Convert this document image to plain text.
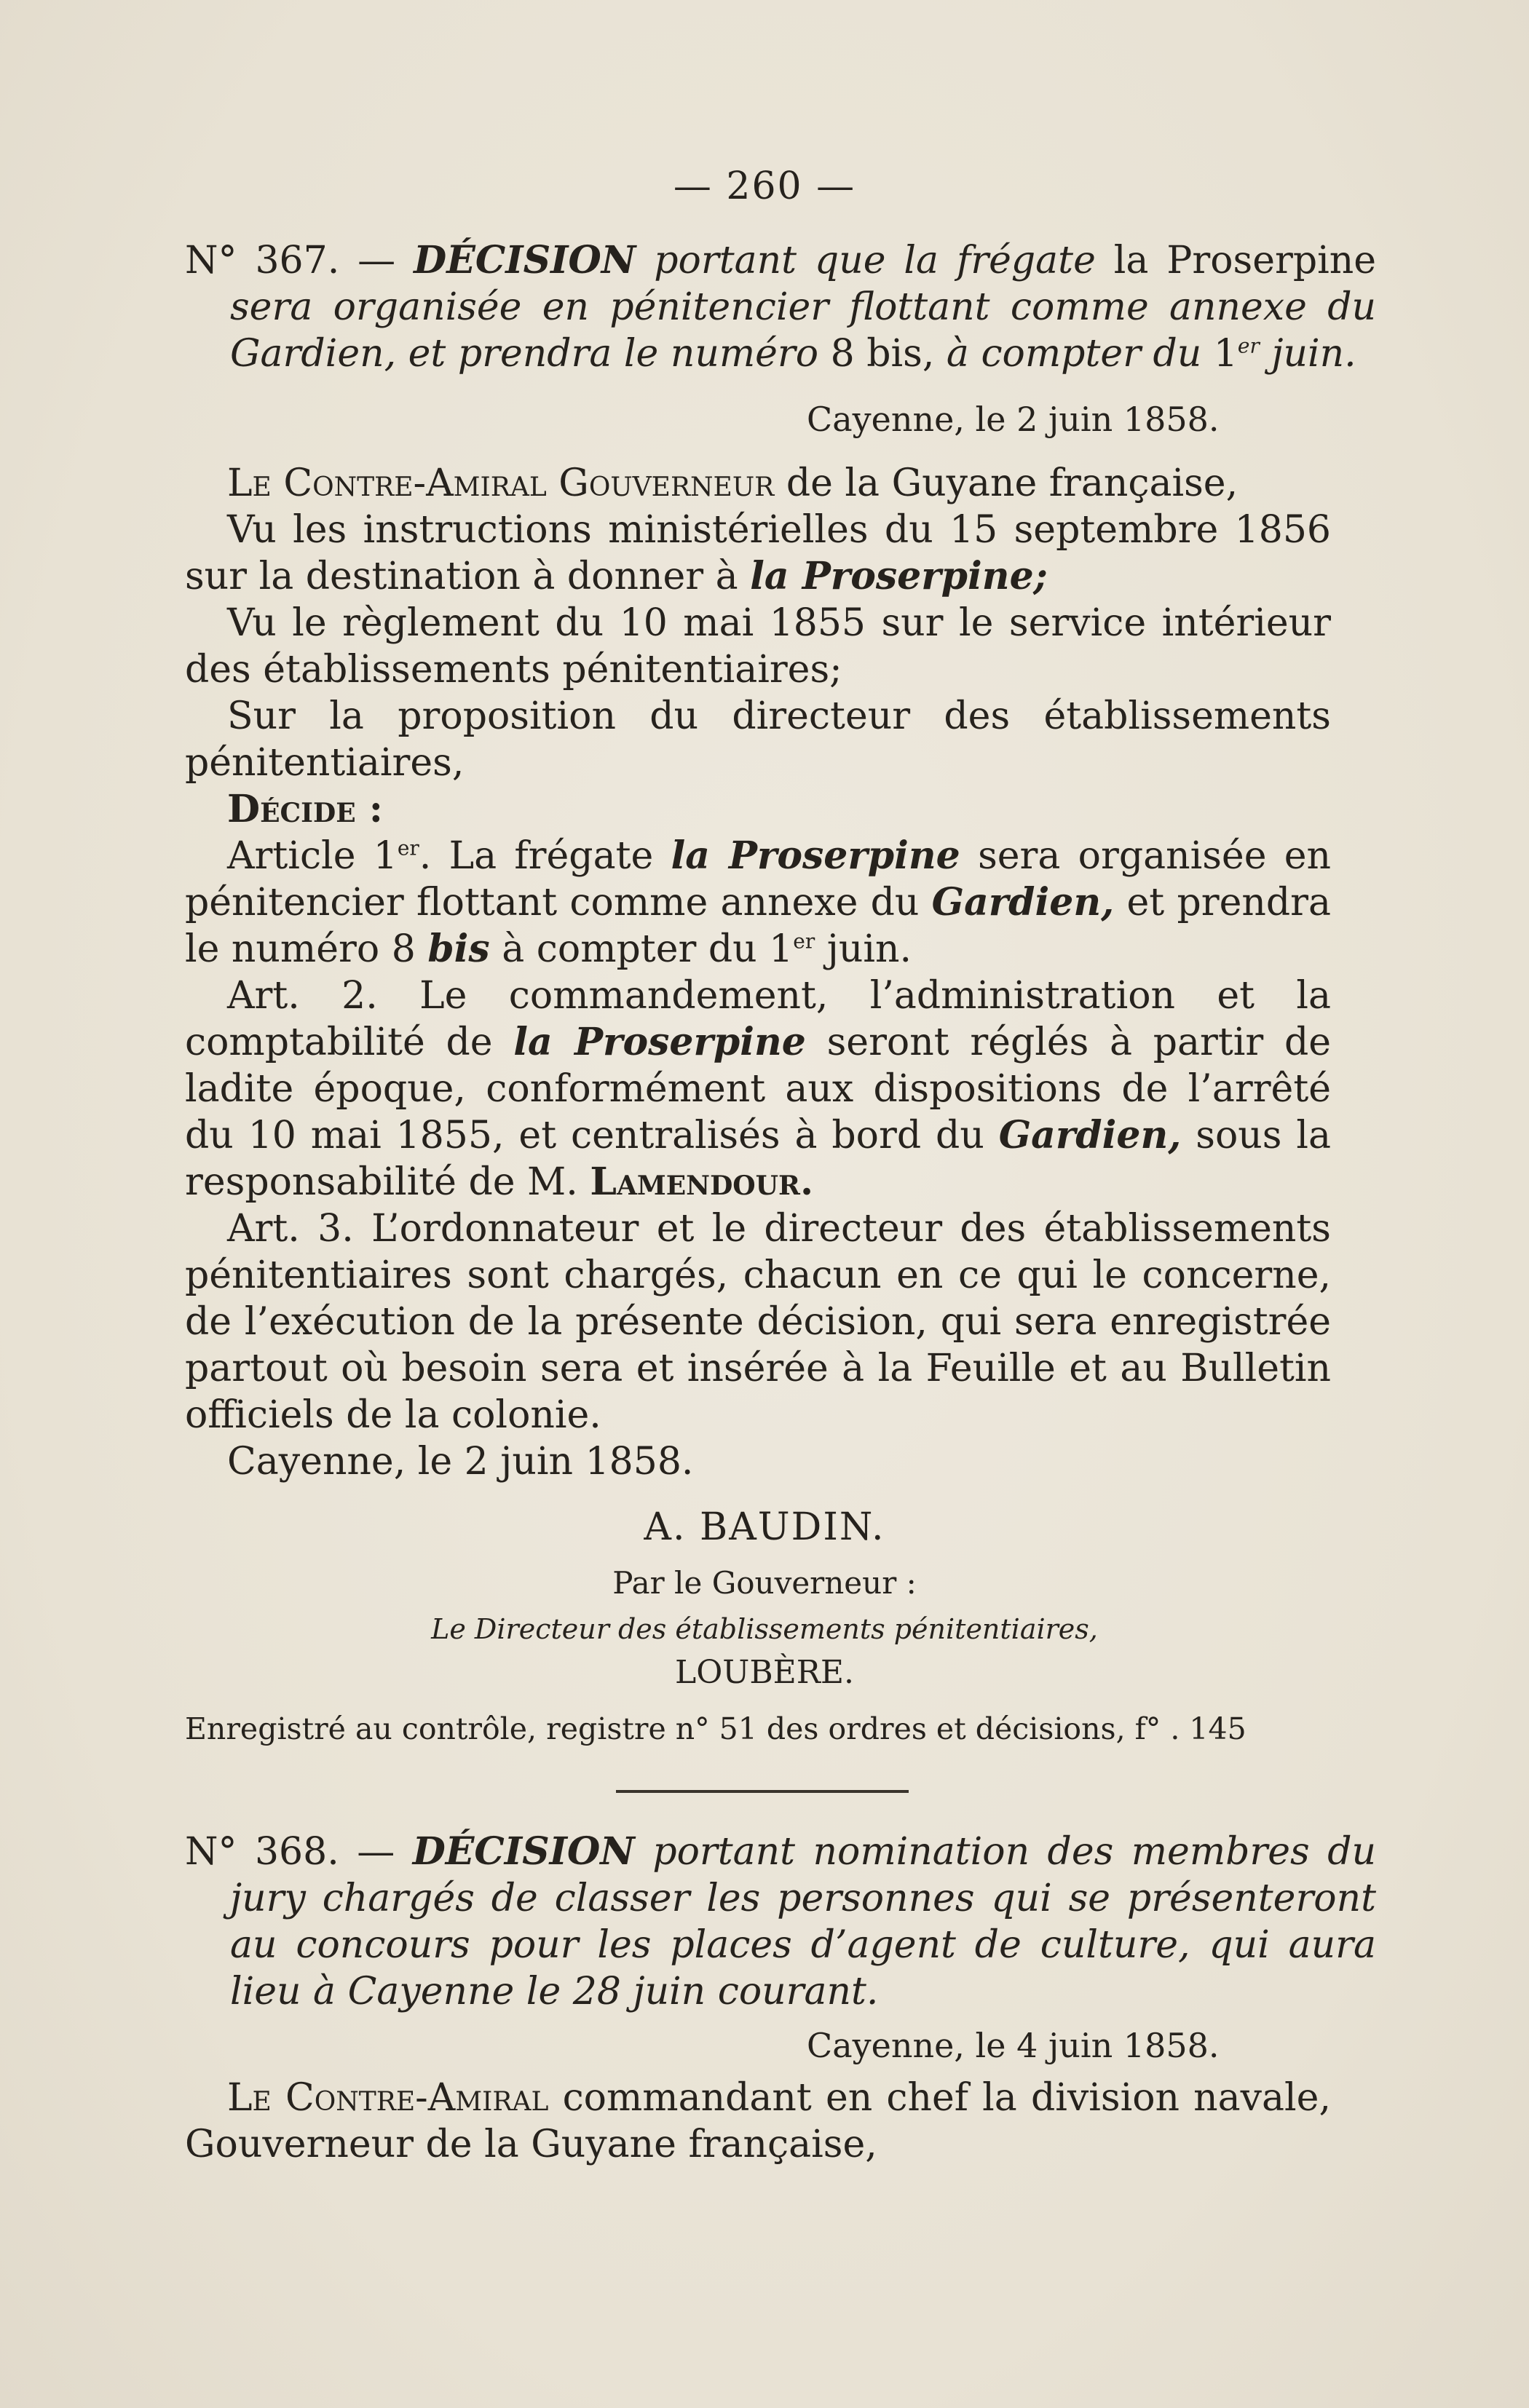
— 260 —
N° 367. — DÉCISION portant que la frégate la Proserpine sera organisée en pénitencier flottant comme annexe du Gardien, et prendra le numéro 8 bis, à compter du 1er juin.
Cayenne, le 2 juin 1858.
Le Contre-Amiral Gouverneur de la Guyane française,
Vu les instructions ministérielles du 15 septembre 1856 sur la destination à donner à la Proserpine;
Vu le règlement du 10 mai 1855 sur le service intérieur des établissements pénitentiaires;
Sur la proposition du directeur des établissements pénitentiaires,
Décide :
Article 1er. La frégate la Proserpine sera organisée en pénitencier flottant comme annexe du Gardien, et prendra le numéro 8 bis à compter du 1er juin.
Art. 2. Le commandement, l’administration et la comptabilité de la Proserpine seront réglés à partir de ladite époque, conformément aux dispositions de l’arrêté du 10 mai 1855, et centralisés à bord du Gardien, sous la responsabilité de M. Lamendour.
Art. 3. L’ordonnateur et le directeur des établissements pénitentiaires sont chargés, chacun en ce qui le concerne, de l’exécution de la présente décision, qui sera enregistrée partout où besoin sera et insérée à la Feuille et au Bulletin officiels de la colonie.
Cayenne, le 2 juin 1858.
A. BAUDIN.
Par le Gouverneur :
Le Directeur des établissements pénitentiaires,
LOUBÈRE.
Enregistré au contrôle, registre n° 51 des ordres et décisions, f° . 145
N° 368. — DÉCISION portant nomination des membres du jury chargés de classer les personnes qui se présenteront au concours pour les places d’agent de culture, qui aura lieu à Cayenne le 28 juin courant.
Cayenne, le 4 juin 1858.
Le Contre-Amiral commandant en chef la division navale, Gouverneur de la Guyane française,
